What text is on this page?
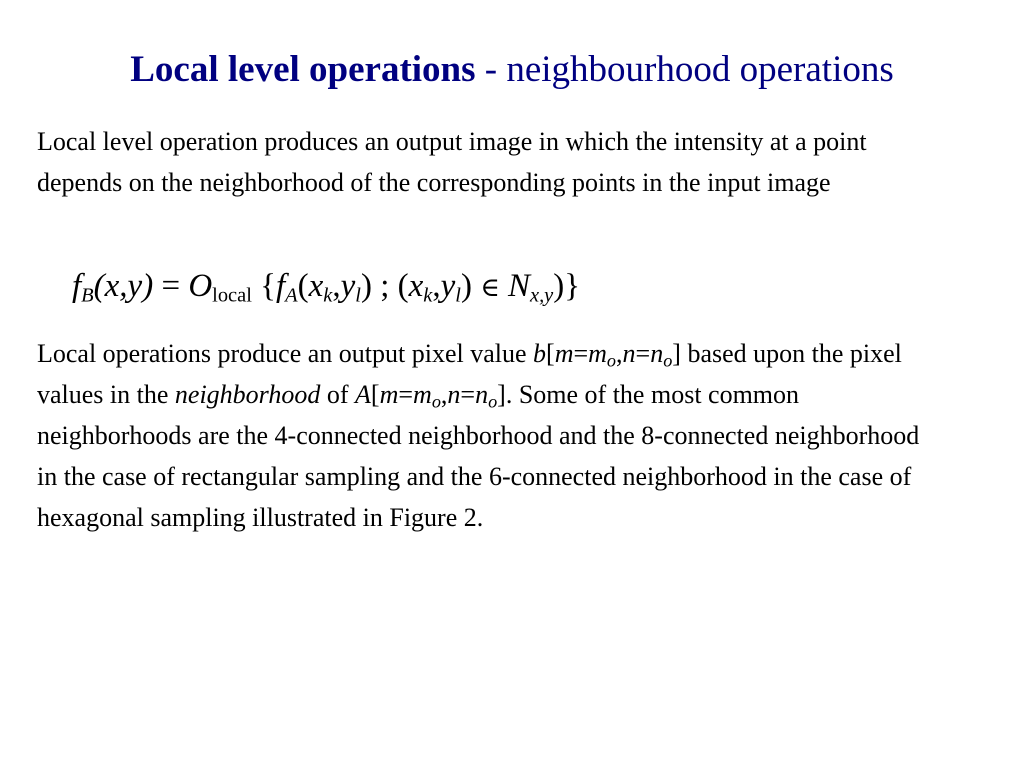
Local level operations - neighbourhood operations

Local level operation produces an output image in which the intensity at a point depends on the neighborhood of the corresponding points in the input image

$f_B(x,y) = O_{local}$ {$f_A(x_k,y_l)$ ; $(x_k,y_l)$ ∈ $N_{x,y}$)}

Local operations produce an output pixel value $b[m=m_o,n=n_o]$ based upon the pixel values in the neighborhood of $A[m=m_o,n=n_o]$. Some of the most common neighborhoods are the 4-connected neighborhood and the 8-connected neighborhood in the case of rectangular sampling and the 6-connected neighborhood in the case of hexagonal sampling illustrated in Figure 2.
